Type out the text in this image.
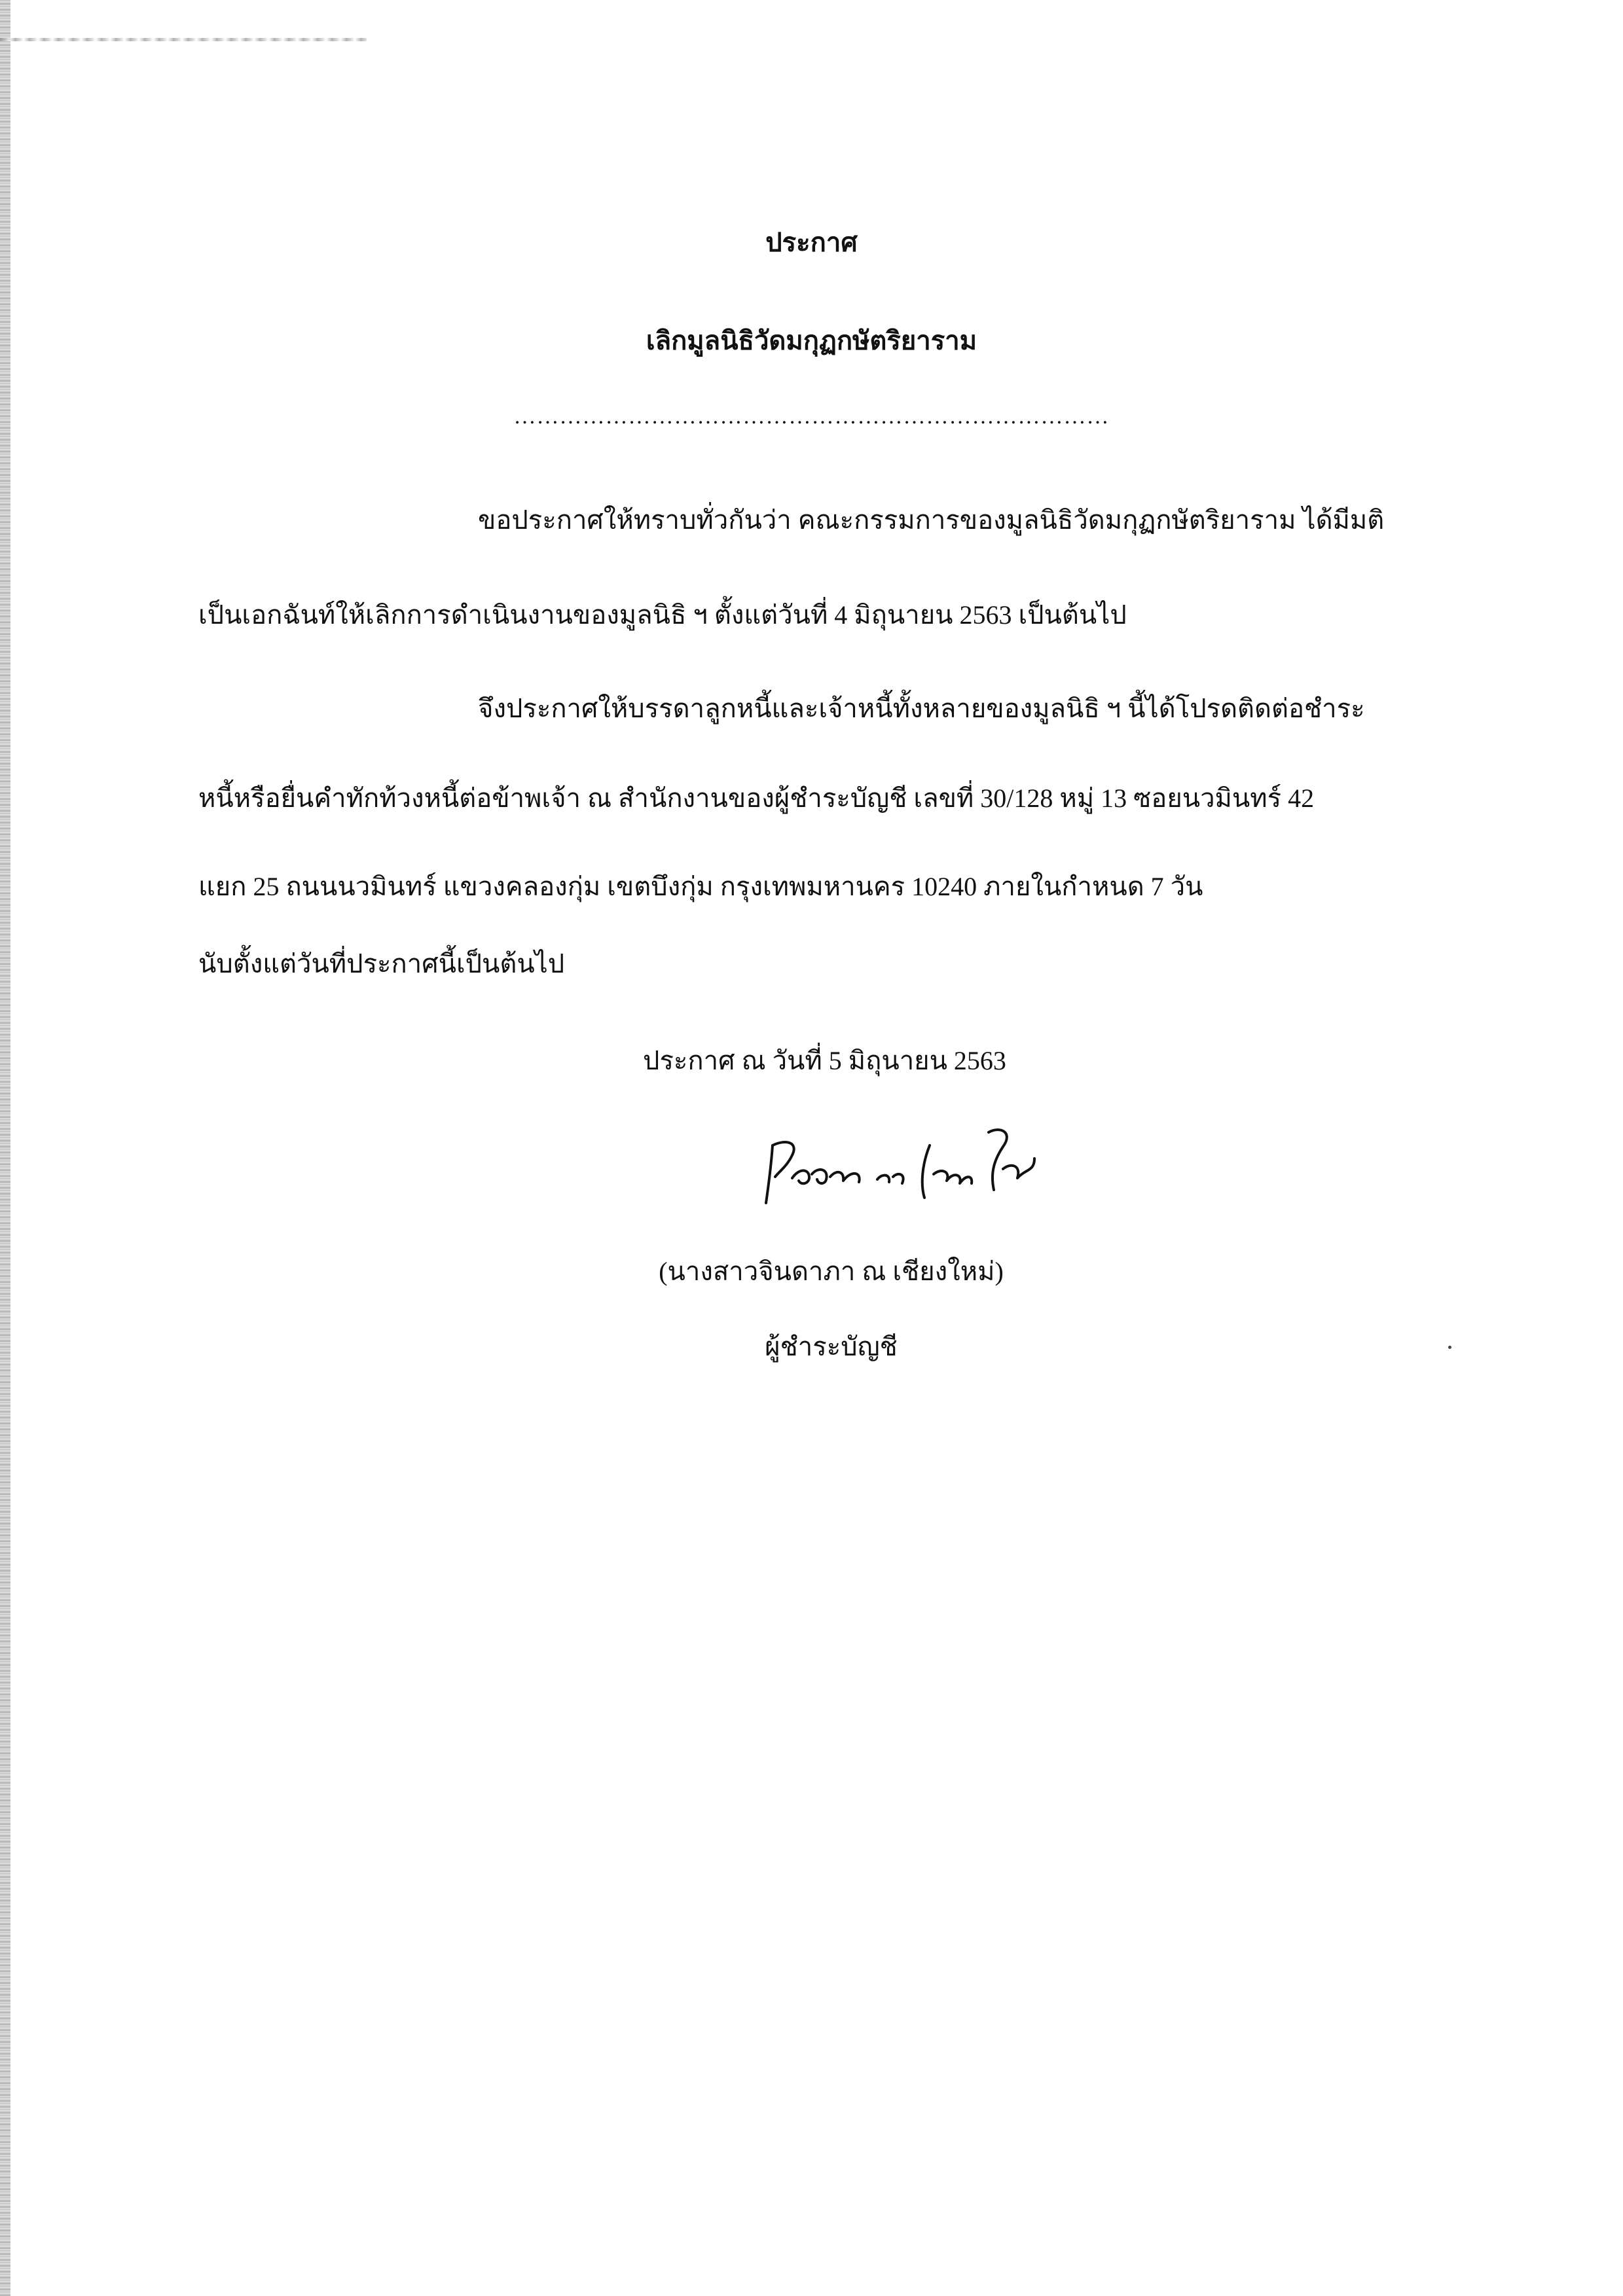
ประกาศ
เลิกมูลนิธิวัดมกุฏกษัตริยาราม
……………………………………………………………………
ขอประกาศให้ทราบทั่วกันว่า คณะกรรมการของมูลนิธิวัดมกุฏกษัตริยาราม ได้มีมติ
เป็นเอกฉันท์ให้เลิกการดำเนินงานของมูลนิธิ ฯ ตั้งแต่วันที่ 4 มิถุนายน 2563 เป็นต้นไป
จึงประกาศให้บรรดาลูกหนี้และเจ้าหนี้ทั้งหลายของมูลนิธิ ฯ นี้ได้โปรดติดต่อชำระ
หนี้หรือยื่นคำทักท้วงหนี้ต่อข้าพเจ้า ณ สำนักงานของผู้ชำระบัญชี เลขที่ 30/128 หมู่ 13 ซอยนวมินทร์ 42
แยก 25 ถนนนวมินทร์ แขวงคลองกุ่ม เขตบึงกุ่ม กรุงเทพมหานคร 10240 ภายในกำหนด 7 วัน
นับตั้งแต่วันที่ประกาศนี้เป็นต้นไป
ประกาศ ณ วันที่ 5 มิถุนายน 2563
(นางสาวจินดาภา ณ เชียงใหม่)
ผู้ชำระบัญชี
